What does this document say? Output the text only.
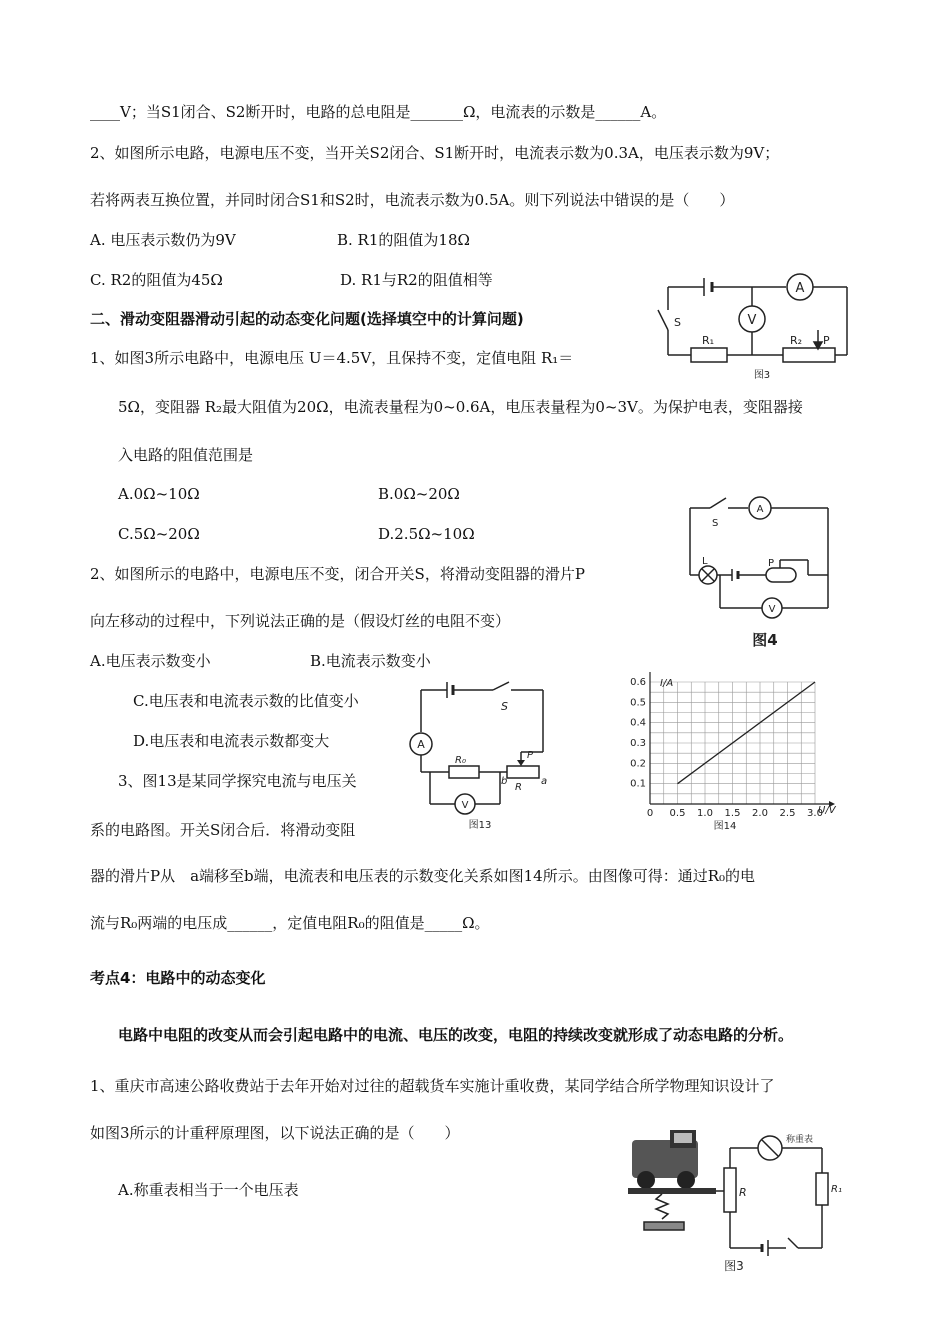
____V；当S1闭合、S2断开时，电路的总电阻是_______Ω，电流表的示数是______A。
2、如图所示电路，电源电压不变，当开关S2闭合、S1断开时，电流表示数为0.3A，电压表示数为9V；
若将两表互换位置，并同时闭合S1和S2时，电流表示数为0.5A。则下列说法中错误的是（　　）
A. 电压表示数仍为9V	B. R1的阻值为18Ω
C. R2的阻值为45Ω	D. R1与R2的阻值相等
二、滑动变阻器滑动引起的动态变化问题(选择填空中的计算问题)
1、如图3所示电路中，电源电压 U＝4.5V，且保持不变，定值电阻 R₁＝
5Ω，变阻器 R₂最大阻值为20Ω，电流表量程为0~0.6A，电压表量程为0~3V。为保护电表，变阻器接
入电路的阻值范围是
A.0Ω~10Ω	B.0Ω~20Ω
C.5Ω~20Ω	D.2.5Ω~10Ω
2、如图所示的电路中，电源电压不变，闭合开关S，将滑动变阻器的滑片P
向左移动的过程中，下列说法正确的是（假设灯丝的电阻不变）
A.电压表示数变小	B.电流表示数变小
C.电压表和电流表示数的比值变小
D.电压表和电流表示数都变大
3、图13是某同学探究电流与电压关
系的电路图。开关S闭合后．将滑动变阻
器的滑片P从　a端移至b端，电流表和电压表的示数变化关系如图14所示。由图像可得：通过R₀的电
流与R₀两端的电压成______，定值电阻R₀的阻值是_____Ω。
考点4：电路中的动态变化
电路中电阻的改变从而会引起电路中的电流、电压的改变，电阻的持续改变就形成了动态电路的分析。
1、重庆市高速公路收费站于去年开始对过往的超载货车实施计重收费，某同学结合所学物理知识设计了
如图3所示的计重秤原理图，以下说法正确的是（　　）
A.称重表相当于一个电压表
A
V
R₁	R₂ P
S
图3
A
V
S
P
L
图4
A
V
S
R₀
R
P
b	a
图13
0.1
0.2
0.3
0.4
0.5
0.6
0 0.5 1.0 1.5 2.0 2.5 3.0
I/A
U/V
图14
称重表
R	R₁
图3
